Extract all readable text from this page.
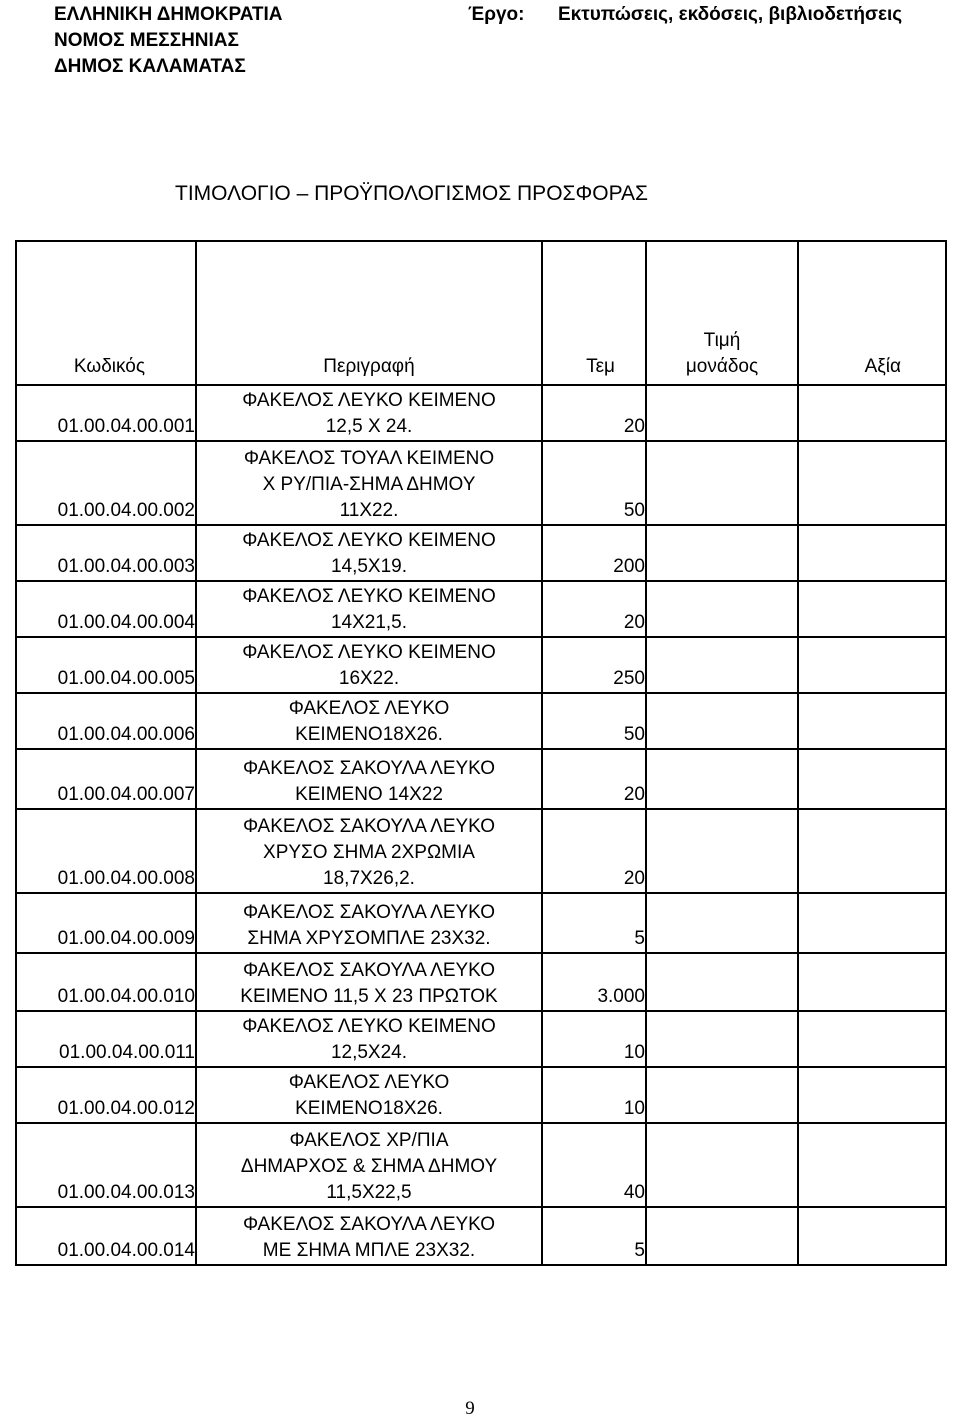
ΕΛΛΗΝΙΚΗ ΔΗΜΟΚΡΑΤΙΑ
ΝΟΜΟΣ ΜΕΣΣΗΝΙΑΣ
ΔΗΜΟΣ ΚΑΛΑΜΑΤΑΣ
Έργο: Εκτυπώσεις, εκδόσεις, βιβλιοδετήσεις
ΤΙΜΟΛΟΓΙΟ – ΠΡΟΫΠΟΛΟΓΙΣΜΟΣ ΠΡΟΣΦΟΡΑΣ
Κωδικός	Περιγραφή	Τεμ	Τιμή
μονάδος	Αξία
01.00.04.00.001	ΦΑΚΕΛΟΣ ΛΕΥΚΟ ΚΕΙΜΕΝΟ
12,5 Χ 24.	20		
01.00.04.00.002	ΦΑΚΕΛΟΣ ΤΟΥΑΛ ΚΕΙΜΕΝΟ
Χ ΡΥ/ΠΙΑ-ΣΗΜΑ ΔΗΜΟΥ
11Χ22.	50		
01.00.04.00.003	ΦΑΚΕΛΟΣ ΛΕΥΚΟ ΚΕΙΜΕΝΟ
14,5Χ19.	200		
01.00.04.00.004	ΦΑΚΕΛΟΣ ΛΕΥΚΟ ΚΕΙΜΕΝΟ
14Χ21,5.	20		
01.00.04.00.005	ΦΑΚΕΛΟΣ ΛΕΥΚΟ ΚΕΙΜΕΝΟ
16Χ22.	250		
01.00.04.00.006	ΦΑΚΕΛΟΣ ΛΕΥΚΟ
ΚΕΙΜΕΝΟ18Χ26.	50		
01.00.04.00.007	ΦΑΚΕΛΟΣ ΣΑΚΟΥΛΑ ΛΕΥΚΟ
ΚΕΙΜΕΝΟ 14Χ22	20		
01.00.04.00.008	ΦΑΚΕΛΟΣ ΣΑΚΟΥΛΑ ΛΕΥΚΟ
ΧΡΥΣΟ ΣΗΜΑ 2ΧΡΩΜΙΑ
18,7Χ26,2.	20		
01.00.04.00.009	ΦΑΚΕΛΟΣ ΣΑΚΟΥΛΑ ΛΕΥΚΟ
ΣΗΜΑ ΧΡΥΣΟΜΠΛΕ 23Χ32.	5		
01.00.04.00.010	ΦΑΚΕΛΟΣ ΣΑΚΟΥΛΑ ΛΕΥΚΟ
ΚΕΙΜΕΝΟ 11,5 Χ 23 ΠΡΩΤΟΚ	3.000		
01.00.04.00.011	ΦΑΚΕΛΟΣ ΛΕΥΚΟ ΚΕΙΜΕΝΟ
12,5Χ24.	10		
01.00.04.00.012	ΦΑΚΕΛΟΣ ΛΕΥΚΟ
ΚΕΙΜΕΝΟ18Χ26.	10		
01.00.04.00.013	ΦΑΚΕΛΟΣ ΧΡ/ΠΙΑ
ΔΗΜΑΡΧΟΣ & ΣΗΜΑ ΔΗΜΟΥ
11,5Χ22,5	40		
01.00.04.00.014	ΦΑΚΕΛΟΣ ΣΑΚΟΥΛΑ ΛΕΥΚΟ
ΜΕ ΣΗΜΑ ΜΠΛΕ 23Χ32.	5		
9
